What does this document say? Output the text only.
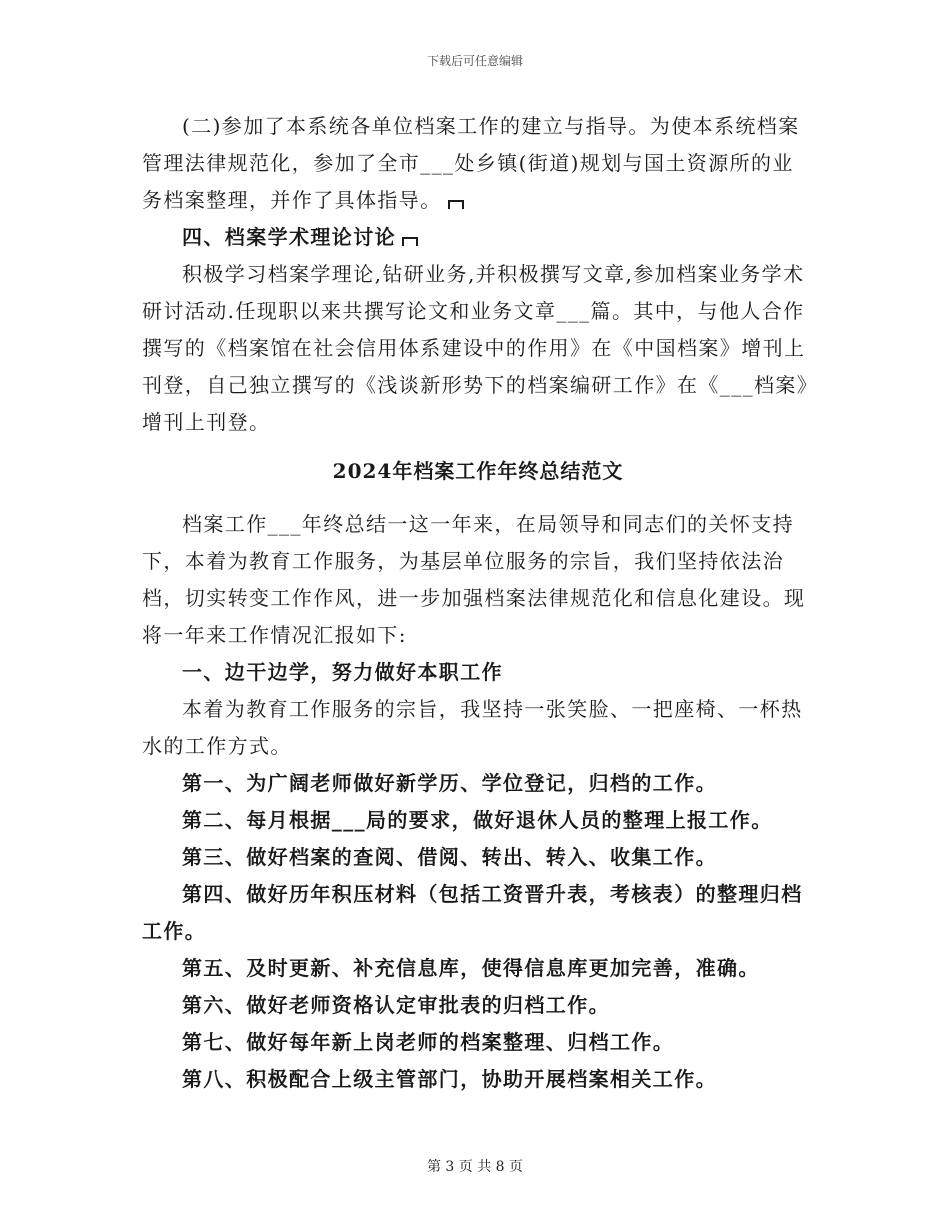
下载后可任意编辑

(二)参加了本系统各单位档案工作的建立与指导。为使本系统档案管理法律规范化，参加了全市___处乡镇(街道)规划与国土资源所的业务档案整理，并作了具体指导。

四、档案学术理论讨论

积极学习档案学理论,钻研业务,并积极撰写文章,参加档案业务学术研讨活动.任现职以来共撰写论文和业务文章___篇。其中，与他人合作撰写的《档案馆在社会信用体系建设中的作用》在《中国档案》增刊上刊登，自己独立撰写的《浅谈新形势下的档案编研工作》在《___档案》增刊上刊登。

2024年档案工作年终总结范文

档案工作___年终总结一这一年来，在局领导和同志们的关怀支持下，本着为教育工作服务，为基层单位服务的宗旨，我们坚持依法治档，切实转变工作作风，进一步加强档案法律规范化和信息化建设。现将一年来工作情况汇报如下:

一、边干边学，努力做好本职工作

本着为教育工作服务的宗旨，我坚持一张笑脸、一把座椅、一杯热水的工作方式。

第一、为广阔老师做好新学历、学位登记，归档的工作。

第二、每月根据___局的要求，做好退休人员的整理上报工作。

第三、做好档案的查阅、借阅、转出、转入、收集工作。

第四、做好历年积压材料（包括工资晋升表，考核表）的整理归档工作。

第五、及时更新、补充信息库，使得信息库更加完善，准确。

第六、做好老师资格认定审批表的归档工作。

第七、做好每年新上岗老师的档案整理、归档工作。

第八、积极配合上级主管部门，协助开展档案相关工作。

第 3 页 共 8 页
